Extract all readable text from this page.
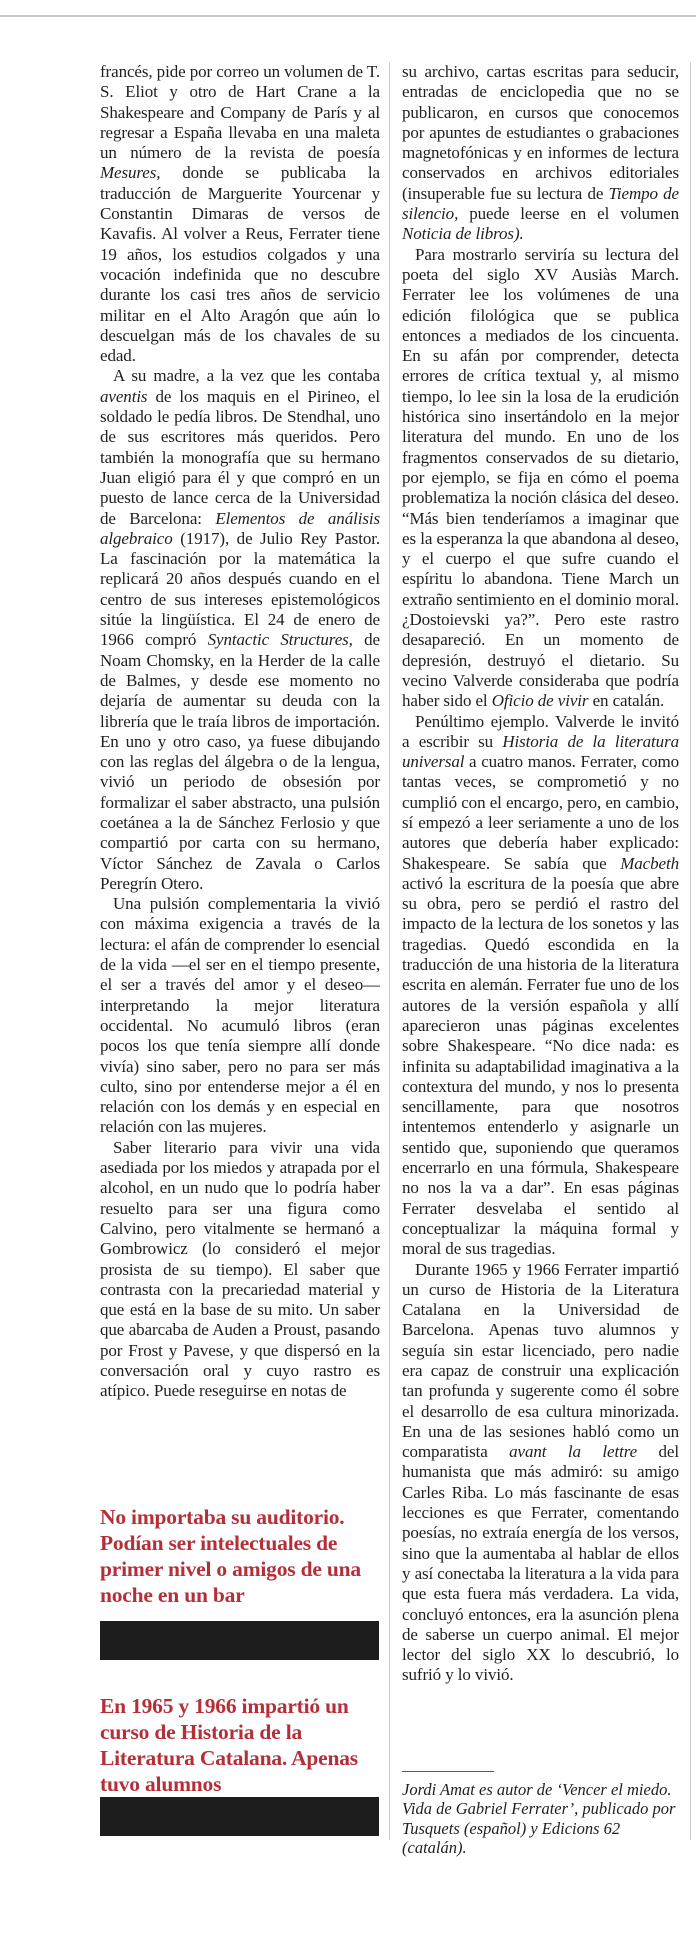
francés, pide por correo un volumen de T. S. Eliot y otro de Hart Crane a la Shakespeare and Company de París y al regresar a España llevaba en una maleta un número de la revista de poesía Mesures, donde se publicaba la traducción de Marguerite Yourcenar y Constantin Dimaras de versos de Kavafis. Al volver a Reus, Ferrater tiene 19 años, los estudios colgados y una vocación indefinida que no descubre durante los casi tres años de servicio militar en el Alto Aragón que aún lo descuelgan más de los chavales de su edad.

A su madre, a la vez que les contaba aventis de los maquis en el Pirineo, el soldado le pedía libros. De Stendhal, uno de sus escritores más queridos. Pero también la monografía que su hermano Juan eligió para él y que compró en un puesto de lance cerca de la Universidad de Barcelona: Elementos de análisis algebraico (1917), de Julio Rey Pastor. La fascinación por la matemática la replicará 20 años después cuando en el centro de sus intereses epistemológicos sitúe la lingüística. El 24 de enero de 1966 compró Syntactic Structures, de Noam Chomsky, en la Herder de la calle de Balmes, y desde ese momento no dejaría de aumentar su deuda con la librería que le traía libros de importación. En uno y otro caso, ya fuese dibujando con las reglas del álgebra o de la lengua, vivió un periodo de obsesión por formalizar el saber abstracto, una pulsión coetánea a la de Sánchez Ferlosio y que compartió por carta con su hermano, Víctor Sánchez de Zavala o Carlos Peregrín Otero.

Una pulsión complementaria la vivió con máxima exigencia a través de la lectura: el afán de comprender lo esencial de la vida —el ser en el tiempo presente, el ser a través del amor y el deseo— interpretando la mejor literatura occidental. No acumuló libros (eran pocos los que tenía siempre allí donde vivía) sino saber, pero no para ser más culto, sino por entenderse mejor a él en relación con los demás y en especial en relación con las mujeres.

Saber literario para vivir una vida asediada por los miedos y atrapada por el alcohol, en un nudo que lo podría haber resuelto para ser una figura como Calvino, pero vitalmente se hermanó a Gombrowicz (lo consideró el mejor prosista de su tiempo). El saber que contrasta con la precariedad material y que está en la base de su mito. Un saber que abarcaba de Auden a Proust, pasando por Frost y Pavese, y que dispersó en la conversación oral y cuyo rastro es atípico. Puede reseguirse en notas de

su archivo, cartas escritas para seducir, entradas de enciclopedia que no se publicaron, en cursos que conocemos por apuntes de estudiantes o grabaciones magnetofónicas y en informes de lectura conservados en archivos editoriales (insuperable fue su lectura de Tiempo de silencio, puede leerse en el volumen Noticia de libros).

Para mostrarlo serviría su lectura del poeta del siglo XV Ausiàs March. Ferrater lee los volúmenes de una edición filológica que se publica entonces a mediados de los cincuenta. En su afán por comprender, detecta errores de crítica textual y, al mismo tiempo, lo lee sin la losa de la erudición histórica sino insertándolo en la mejor literatura del mundo. En uno de los fragmentos conservados de su dietario, por ejemplo, se fija en cómo el poema problematiza la noción clásica del deseo. “Más bien tenderíamos a imaginar que es la esperanza la que abandona al deseo, y el cuerpo el que sufre cuando el espíritu lo abandona. Tiene March un extraño sentimiento en el dominio moral. ¿Dostoievski ya?”. Pero este rastro desapareció. En un momento de depresión, destruyó el dietario. Su vecino Valverde consideraba que podría haber sido el Oficio de vivir en catalán.

Penúltimo ejemplo. Valverde le invitó a escribir su Historia de la literatura universal a cuatro manos. Ferrater, como tantas veces, se comprometió y no cumplió con el encargo, pero, en cambio, sí empezó a leer seriamente a uno de los autores que debería haber explicado: Shakespeare. Se sabía que Macbeth activó la escritura de la poesía que abre su obra, pero se perdió el rastro del impacto de la lectura de los sonetos y las tragedias. Quedó escondida en la traducción de una historia de la literatura escrita en alemán. Ferrater fue uno de los autores de la versión española y allí aparecieron unas páginas excelentes sobre Shakespeare. “No dice nada: es infinita su adaptabilidad imaginativa a la contextura del mundo, y nos lo presenta sencillamente, para que nosotros intentemos entenderlo y asignarle un sentido que, suponiendo que queramos encerrarlo en una fórmula, Shakespeare no nos la va a dar”. En esas páginas Ferrater desvelaba el sentido al conceptualizar la máquina formal y moral de sus tragedias.

Durante 1965 y 1966 Ferrater impartió un curso de Historia de la Literatura Catalana en la Universidad de Barcelona. Apenas tuvo alumnos y seguía sin estar licenciado, pero nadie era capaz de construir una explicación tan profunda y sugerente como él sobre el desarrollo de esa cultura minorizada. En una de las sesiones habló como un comparatista avant la lettre del humanista que más admiró: su amigo Carles Riba. Lo más fascinante de esas lecciones es que Ferrater, comentando poesías, no extraía energía de los versos, sino que la aumentaba al hablar de ellos y así conectaba la literatura a la vida para que esta fuera más verdadera. La vida, concluyó entonces, era la asunción plena de saberse un cuerpo animal. El mejor lector del siglo XX lo descubrió, lo sufrió y lo vivió.

No importaba su auditorio. Podían ser intelectuales de primer nivel o amigos de una noche en un bar
En 1965 y 1966 impartió un curso de Historia de la Literatura Catalana. Apenas tuvo alumnos	Jordi Amat es autor de ‘Vencer el miedo. Vida de Gabriel Ferrater’, publicado por Tusquets (español) y Edicions 62 (catalán).
